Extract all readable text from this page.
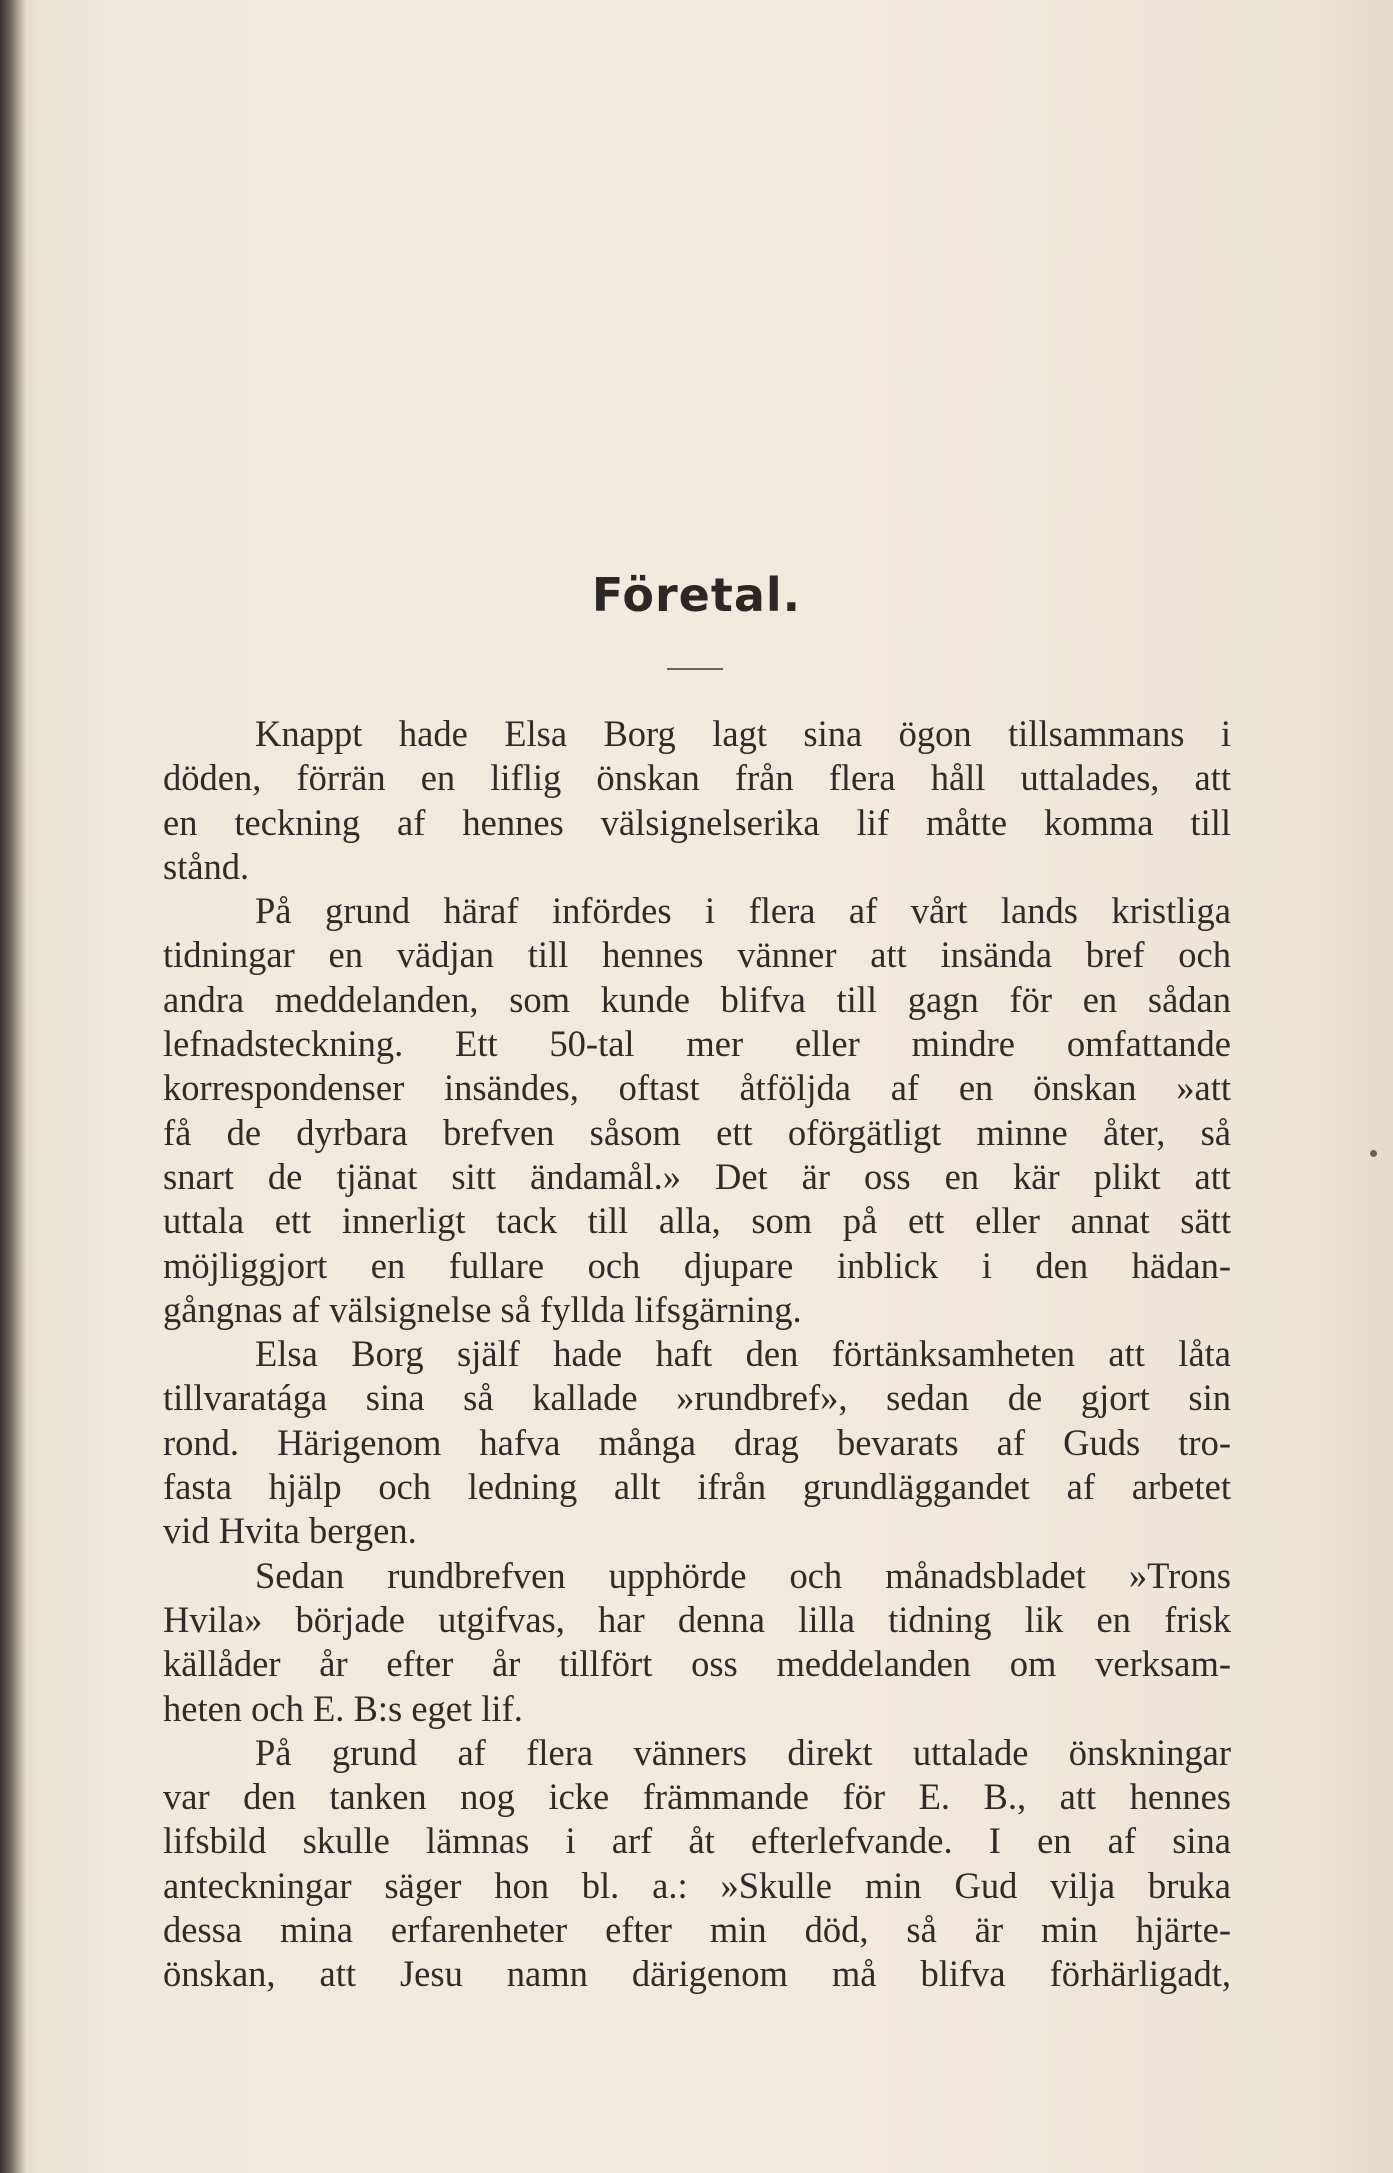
Företal.
Knappt hade Elsa Borg lagt sina ögon tillsammans i
döden, förrän en liflig önskan från flera håll uttalades, att
en teckning af hennes välsignelserika lif måtte komma till
stånd.
På grund häraf infördes i flera af vårt lands kristliga
tidningar en vädjan till hennes vänner att insända bref och
andra meddelanden, som kunde blifva till gagn för en sådan
lefnadsteckning. Ett 50-tal mer eller mindre omfattande
korrespondenser insändes, oftast åtföljda af en önskan »att
få de dyrbara brefven såsom ett oförgätligt minne åter, så
snart de tjänat sitt ändamål.» Det är oss en kär plikt att
uttala ett innerligt tack till alla, som på ett eller annat sätt
möjliggjort en fullare och djupare inblick i den hädan-
gångnas af välsignelse så fyllda lifsgärning.
Elsa Borg själf hade haft den förtänksamheten att låta
tillvaratága sina så kallade »rundbref», sedan de gjort sin
rond. Härigenom hafva många drag bevarats af Guds tro-
fasta hjälp och ledning allt ifrån grundläggandet af arbetet
vid Hvita bergen.
Sedan rundbrefven upphörde och månadsbladet »Trons
Hvila» började utgifvas, har denna lilla tidning lik en frisk
källåder år efter år tillfört oss meddelanden om verksam-
heten och E. B:s eget lif.
På grund af flera vänners direkt uttalade önskningar
var den tanken nog icke främmande för E. B., att hennes
lifsbild skulle lämnas i arf åt efterlefvande. I en af sina
anteckningar säger hon bl. a.: »Skulle min Gud vilja bruka
dessa mina erfarenheter efter min död, så är min hjärte-
önskan, att Jesu namn därigenom må blifva förhärligadt,
